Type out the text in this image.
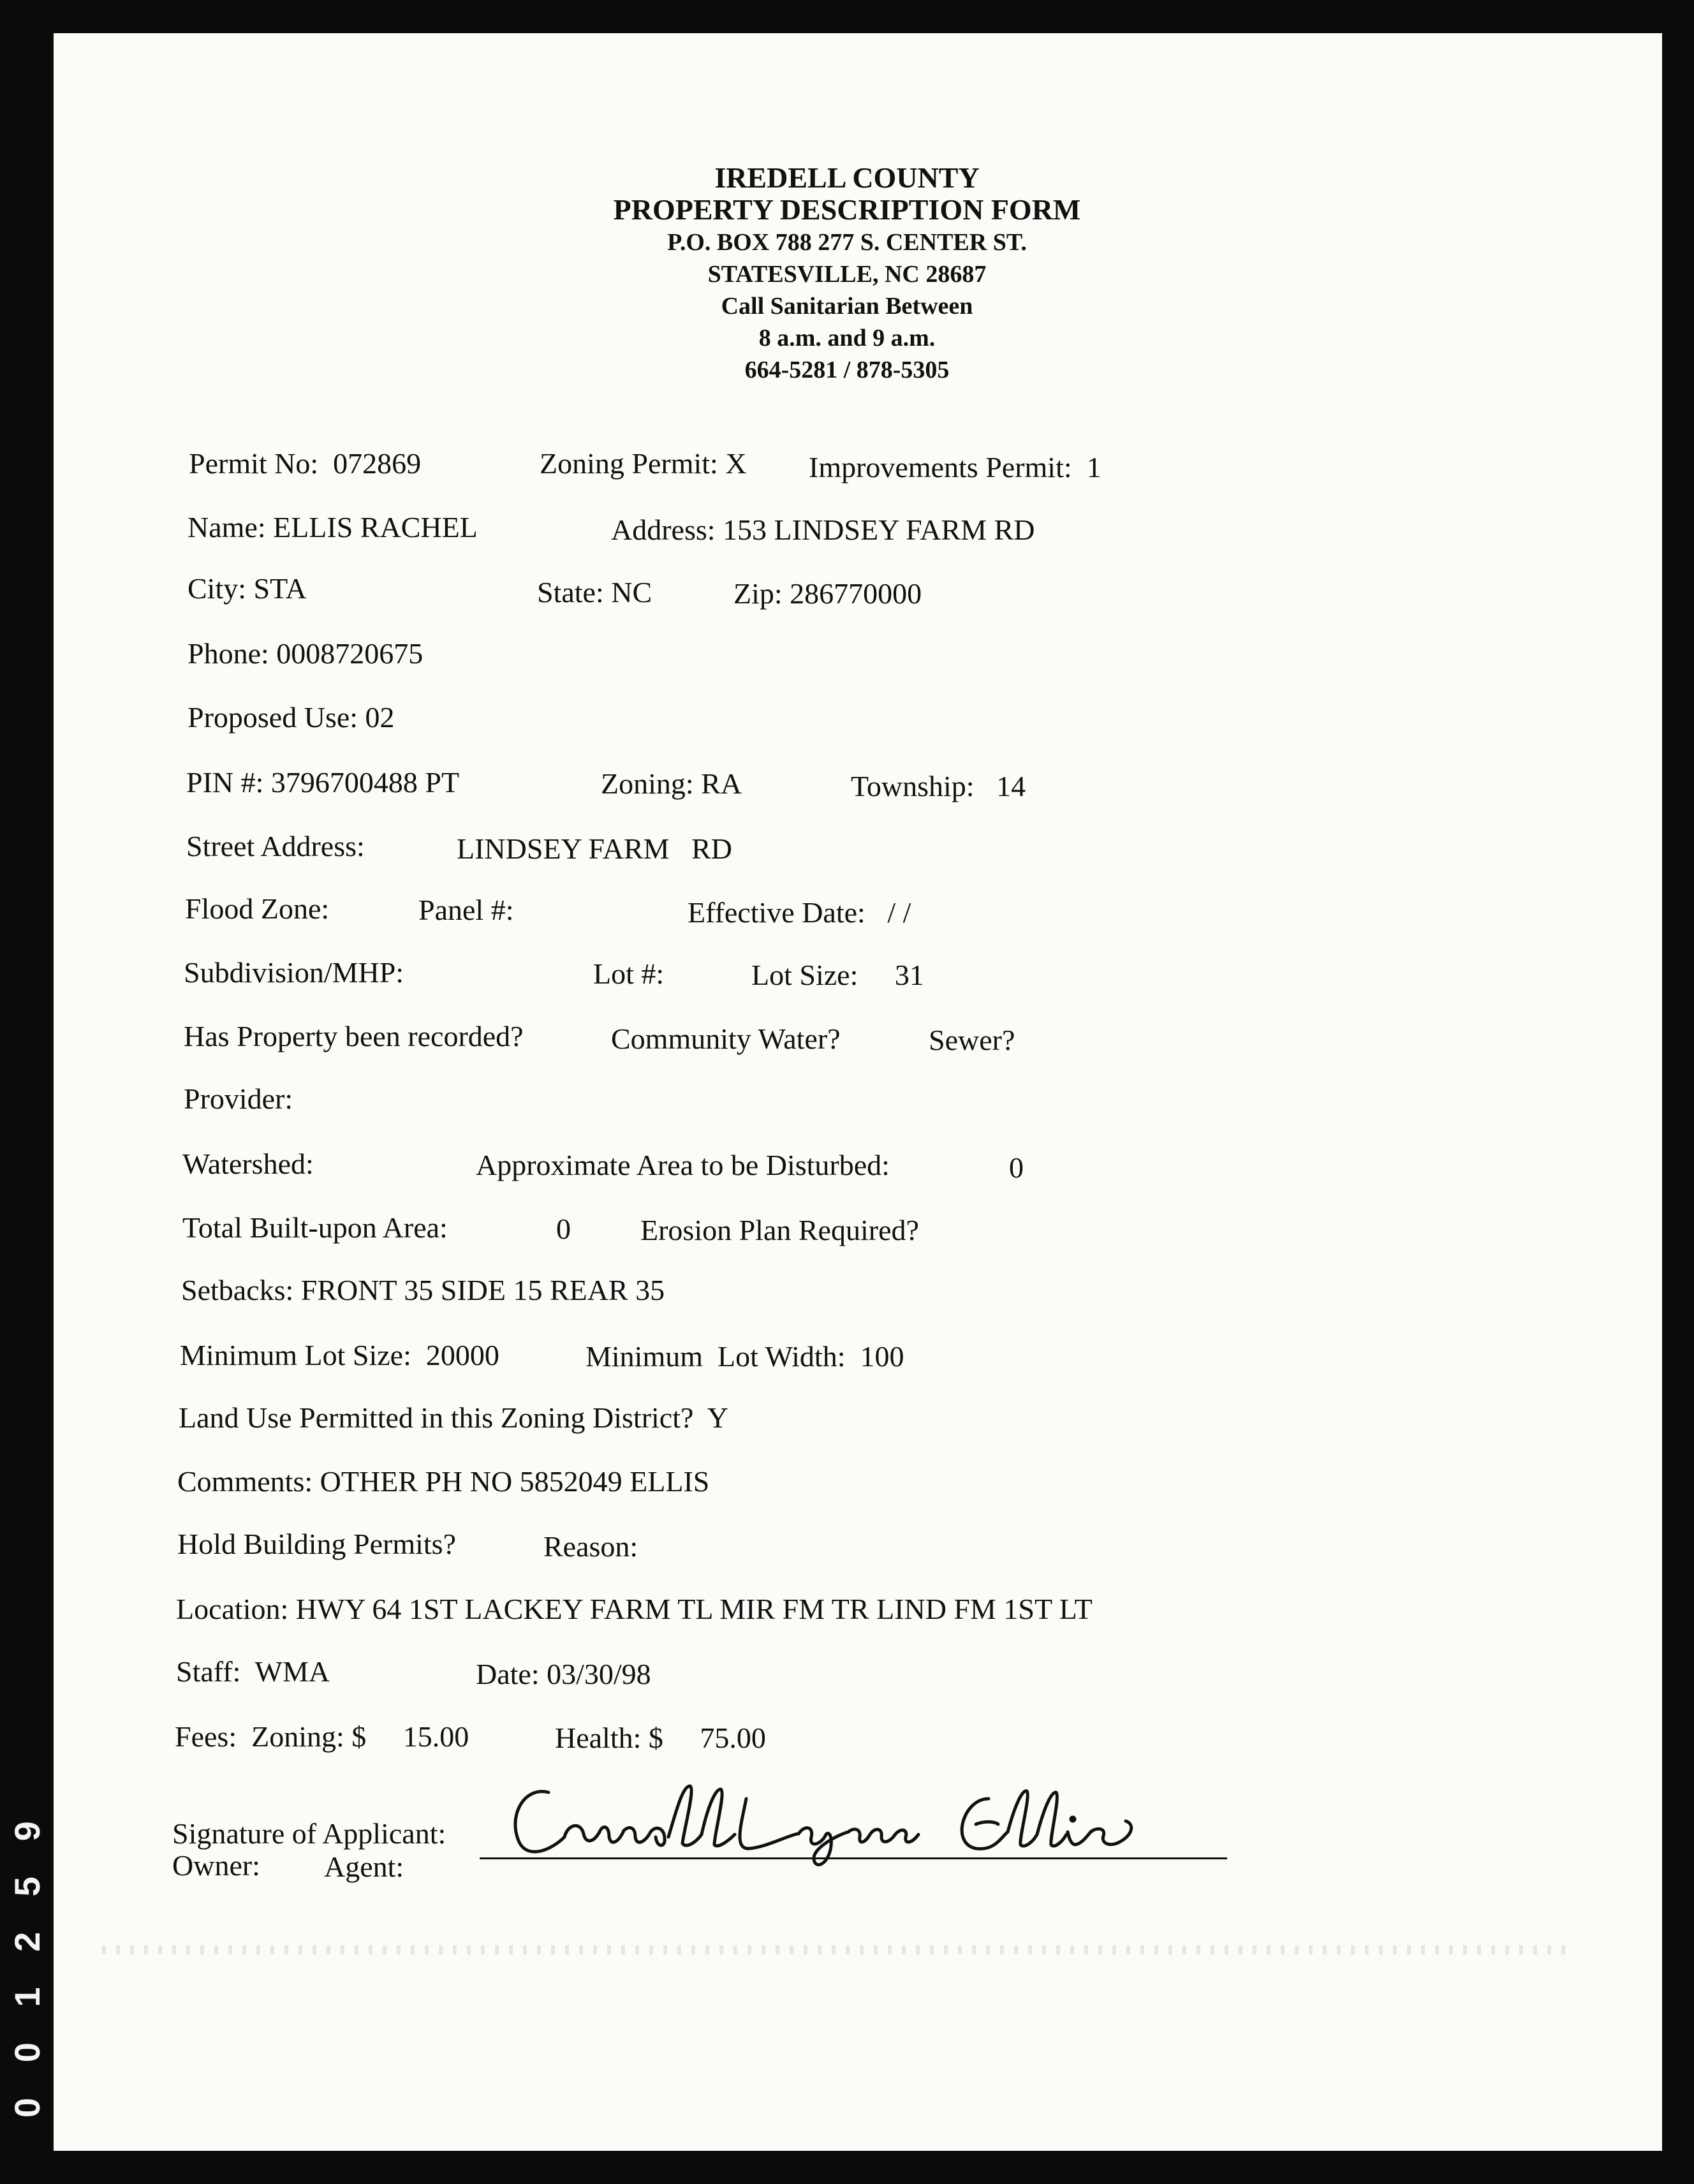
0 0 1 2 5 9
IREDELL COUNTY
PROPERTY DESCRIPTION FORM
P.O. BOX 788 277 S. CENTER ST.
STATESVILLE, NC 28687
Call Sanitarian Between
8 a.m. and 9 a.m.
664-5281 / 878-5305
Permit No:  072869	Zoning Permit: X Improvements Permit:  1
Name: ELLIS RACHEL	Address: 153 LINDSEY FARM RD
City: STA	State: NC	Zip: 286770000
Phone: 0008720675
Proposed Use: 02
PIN #: 3796700488 PT	Zoning: RA	Township:   14
Street Address:	LINDSEY FARM   RD
Flood Zone:	Panel #:	Effective Date:   / /
Subdivision/MHP:	Lot #:	Lot Size:     31
Has Property been recorded?	Community Water?	Sewer?
Provider:
Watershed:	Approximate Area to be Disturbed:	0
Total Built-upon Area:	0 Erosion Plan Required?
Setbacks: FRONT 35 SIDE 15 REAR 35
Minimum Lot Size:  20000	Minimum  Lot Width:  100
Land Use Permitted in this Zoning District?  Y
Comments: OTHER PH NO 5852049 ELLIS
Hold Building Permits?	Reason:
Location: HWY 64 1ST LACKEY FARM TL MIR FM TR LIND FM 1ST LT
Staff:  WMA	Date: 03/30/98
Fees:  Zoning: $     15.00	Health: $     75.00
Signature of Applicant:
Owner: Agent:
